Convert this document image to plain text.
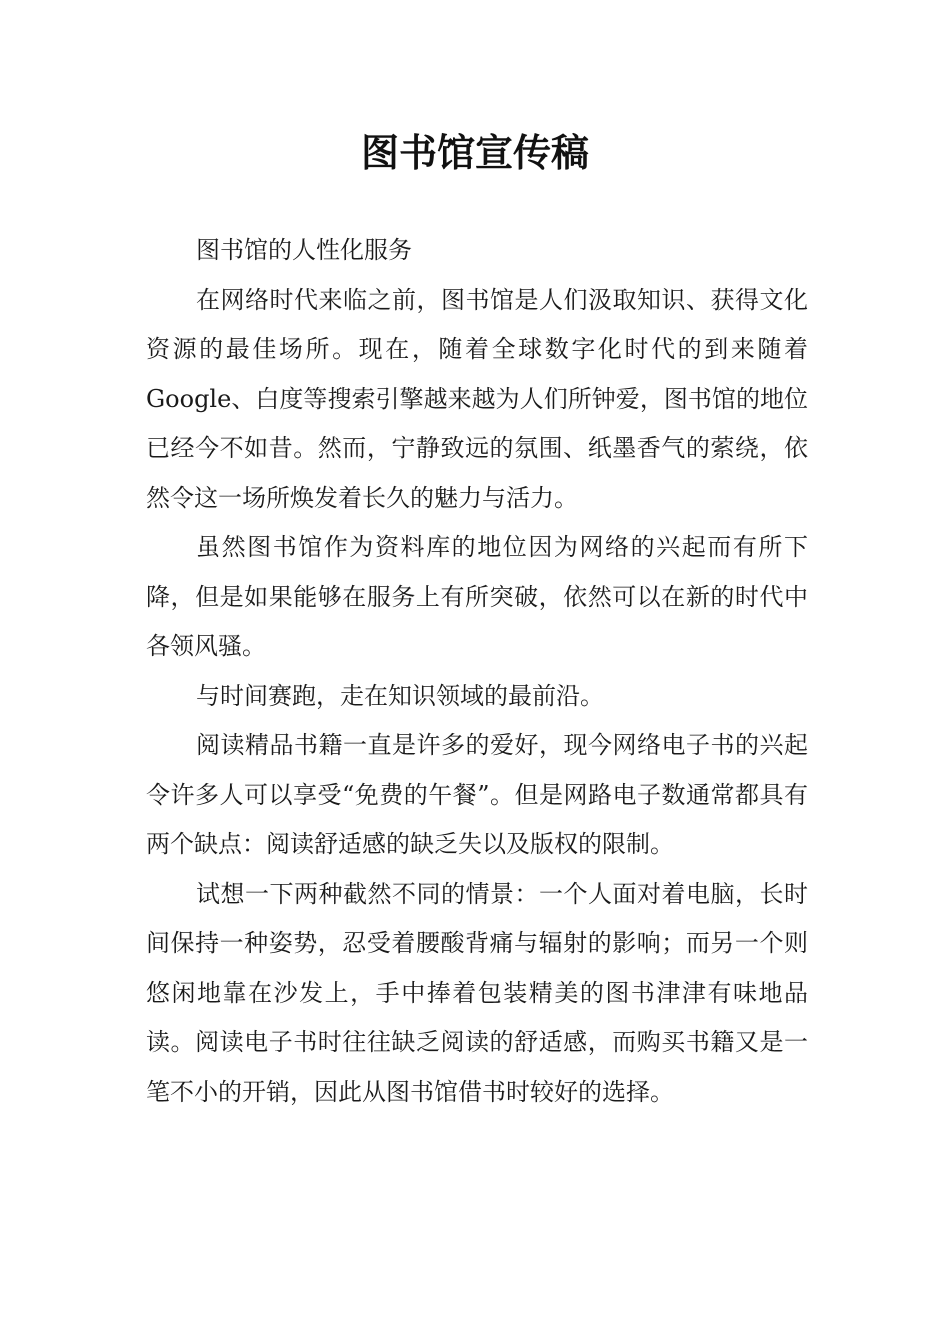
图书馆宣传稿

图书馆的人性化服务

在网络时代来临之前，图书馆是人们汲取知识、获得文化资源的最佳场所。现在，随着全球数字化时代的到来随着Google、白度等搜索引擎越来越为人们所钟爱，图书馆的地位已经今不如昔。然而，宁静致远的氛围、纸墨香气的萦绕，依然令这一场所焕发着长久的魅力与活力。

虽然图书馆作为资料库的地位因为网络的兴起而有所下降，但是如果能够在服务上有所突破，依然可以在新的时代中各领风骚。

与时间赛跑，走在知识领域的最前沿。

阅读精品书籍一直是许多的爱好，现今网络电子书的兴起令许多人可以享受“免费的午餐”。但是网路电子数通常都具有两个缺点：阅读舒适感的缺乏失以及版权的限制。

试想一下两种截然不同的情景：一个人面对着电脑，长时间保持一种姿势，忍受着腰酸背痛与辐射的影响；而另一个则悠闲地靠在沙发上，手中捧着包装精美的图书津津有味地品读。阅读电子书时往往缺乏阅读的舒适感，而购买书籍又是一笔不小的开销，因此从图书馆借书时较好的选择。
